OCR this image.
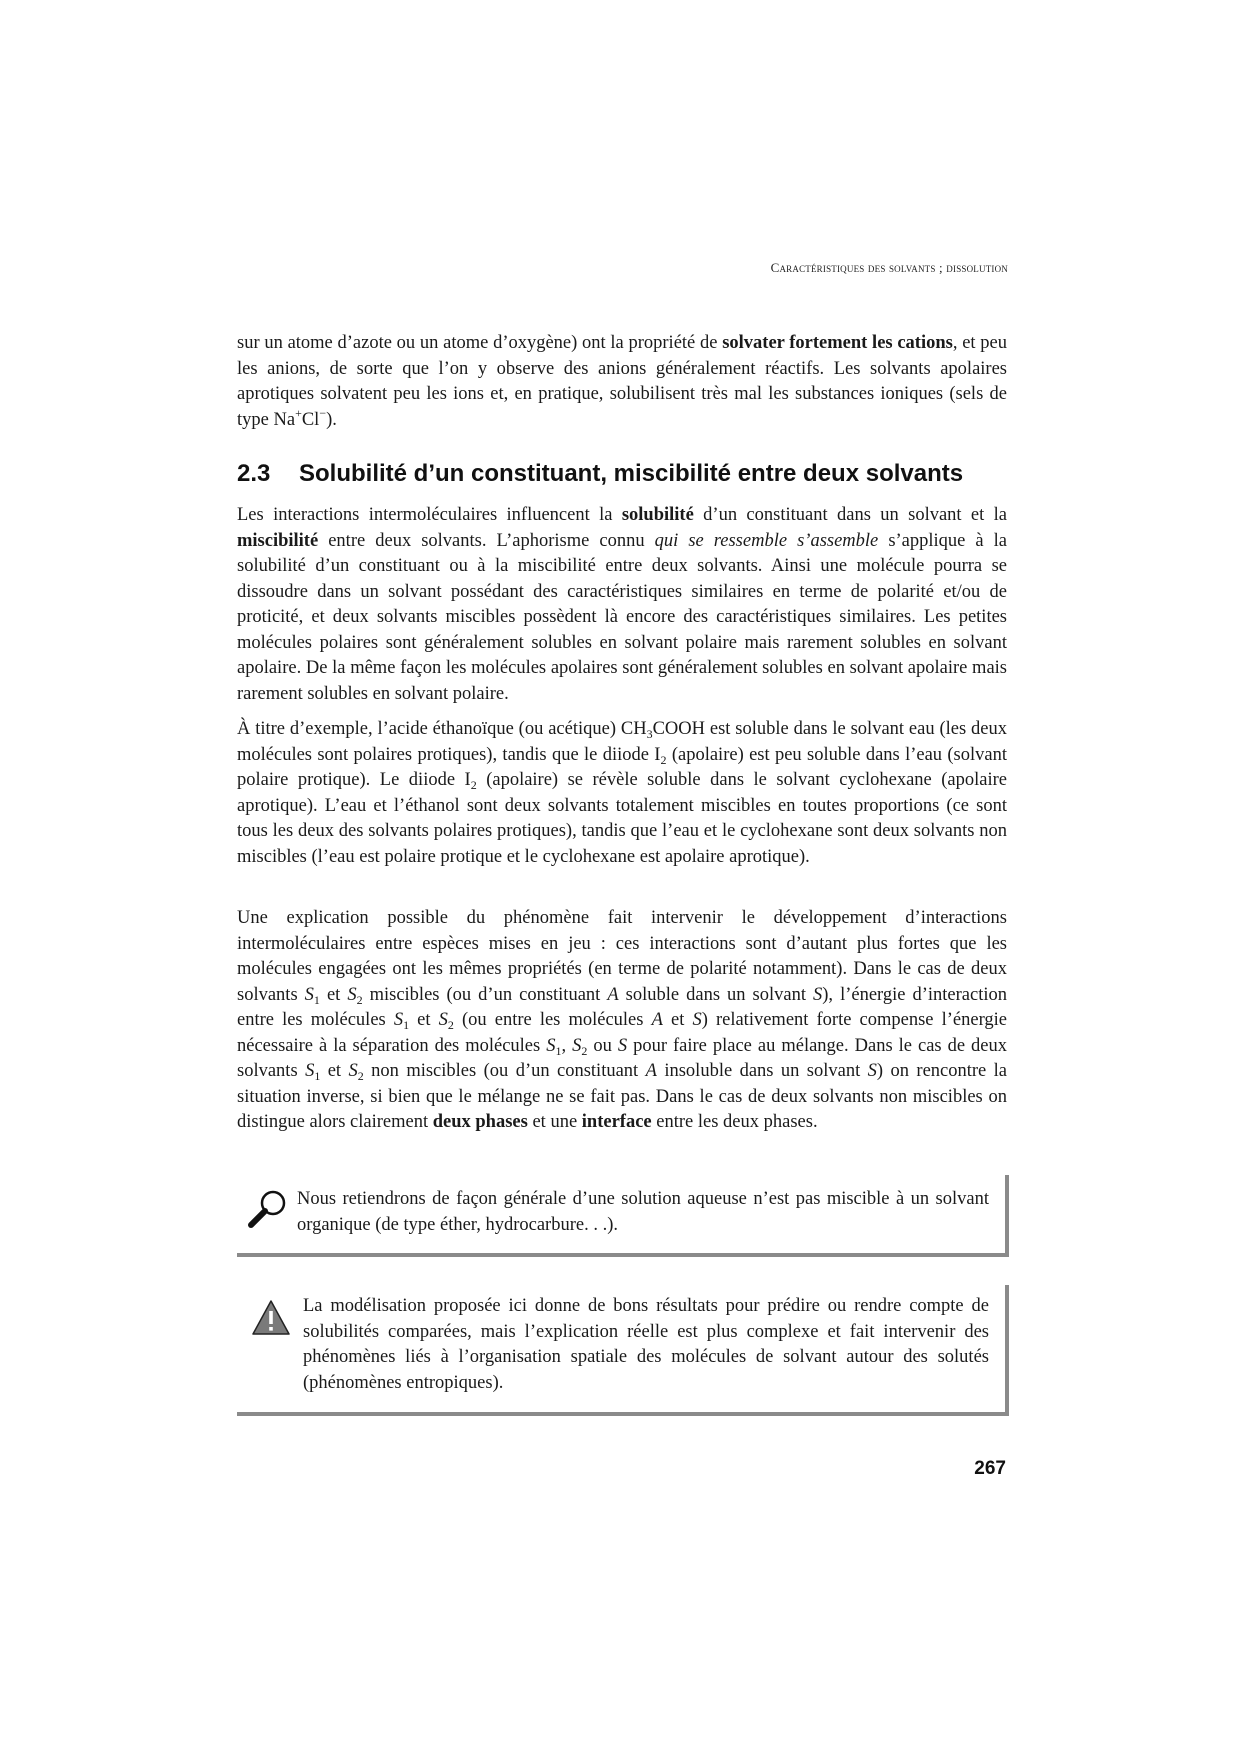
Caractéristiques des solvants ; dissolution

sur un atome d’azote ou un atome d’oxygène) ont la propriété de solvater fortement les cations, et peu les anions, de sorte que l’on y observe des anions généralement réactifs. Les solvants apolaires aprotiques solvatent peu les ions et, en pratique, solubilisent très mal les substances ioniques (sels de type Na+Cl−).

2.3 Solubilité d’un constituant, miscibilité entre deux solvants

Les interactions intermoléculaires influencent la solubilité d’un constituant dans un solvant et la miscibilité entre deux solvants. L’aphorisme connu qui se ressemble s’assemble s’applique à la solubilité d’un constituant ou à la miscibilité entre deux solvants. Ainsi une molécule pourra se dissoudre dans un solvant possédant des caractéristiques similaires en terme de polarité et/ou de proticité, et deux solvants miscibles possèdent là encore des caractéristiques similaires. Les petites molécules polaires sont généralement solubles en solvant polaire mais rarement solubles en solvant apolaire. De la même façon les molécules apolaires sont généralement solubles en solvant apolaire mais rarement solubles en solvant polaire.

À titre d’exemple, l’acide éthanoïque (ou acétique) $CH_3COOH$ est soluble dans le solvant eau (les deux molécules sont polaires protiques), tandis que le diiode $I_2$ (apolaire) est peu soluble dans l’eau (solvant polaire protique). Le diiode $I_2$ (apolaire) se révèle soluble dans le solvant cyclohexane (apolaire aprotique). L’eau et l’éthanol sont deux solvants totalement miscibles en toutes proportions (ce sont tous les deux des solvants polaires protiques), tandis que l’eau et le cyclohexane sont deux solvants non miscibles (l’eau est polaire protique et le cyclohexane est apolaire aprotique).

Une explication possible du phénomène fait intervenir le développement d’interactions intermoléculaires entre espèces mises en jeu : ces interactions sont d’autant plus fortes que les molécules engagées ont les mêmes propriétés (en terme de polarité notamment). Dans le cas de deux solvants $S_1$ et $S_2$ miscibles (ou d’un constituant A soluble dans un solvant S), l’énergie d’interaction entre les molécules $S_1$ et $S_2$ (ou entre les molécules A et S) relativement forte compense l’énergie nécessaire à la séparation des molécules $S_1$, $S_2$ ou S pour faire place au mélange. Dans le cas de deux solvants $S_1$ et $S_2$ non miscibles (ou d’un constituant A insoluble dans un solvant S) on rencontre la situation inverse, si bien que le mélange ne se fait pas. Dans le cas de deux solvants non miscibles on distingue alors clairement deux phases et une interface entre les deux phases.

Nous retiendrons de façon générale d’une solution aqueuse n’est pas miscible à un solvant organique (de type éther, hydrocarbure. . .).

La modélisation proposée ici donne de bons résultats pour prédire ou rendre compte de solubilités comparées, mais l’explication réelle est plus complexe et fait intervenir des phénomènes liés à l’organisation spatiale des molécules de solvant autour des solutés (phénomènes entropiques).

267
